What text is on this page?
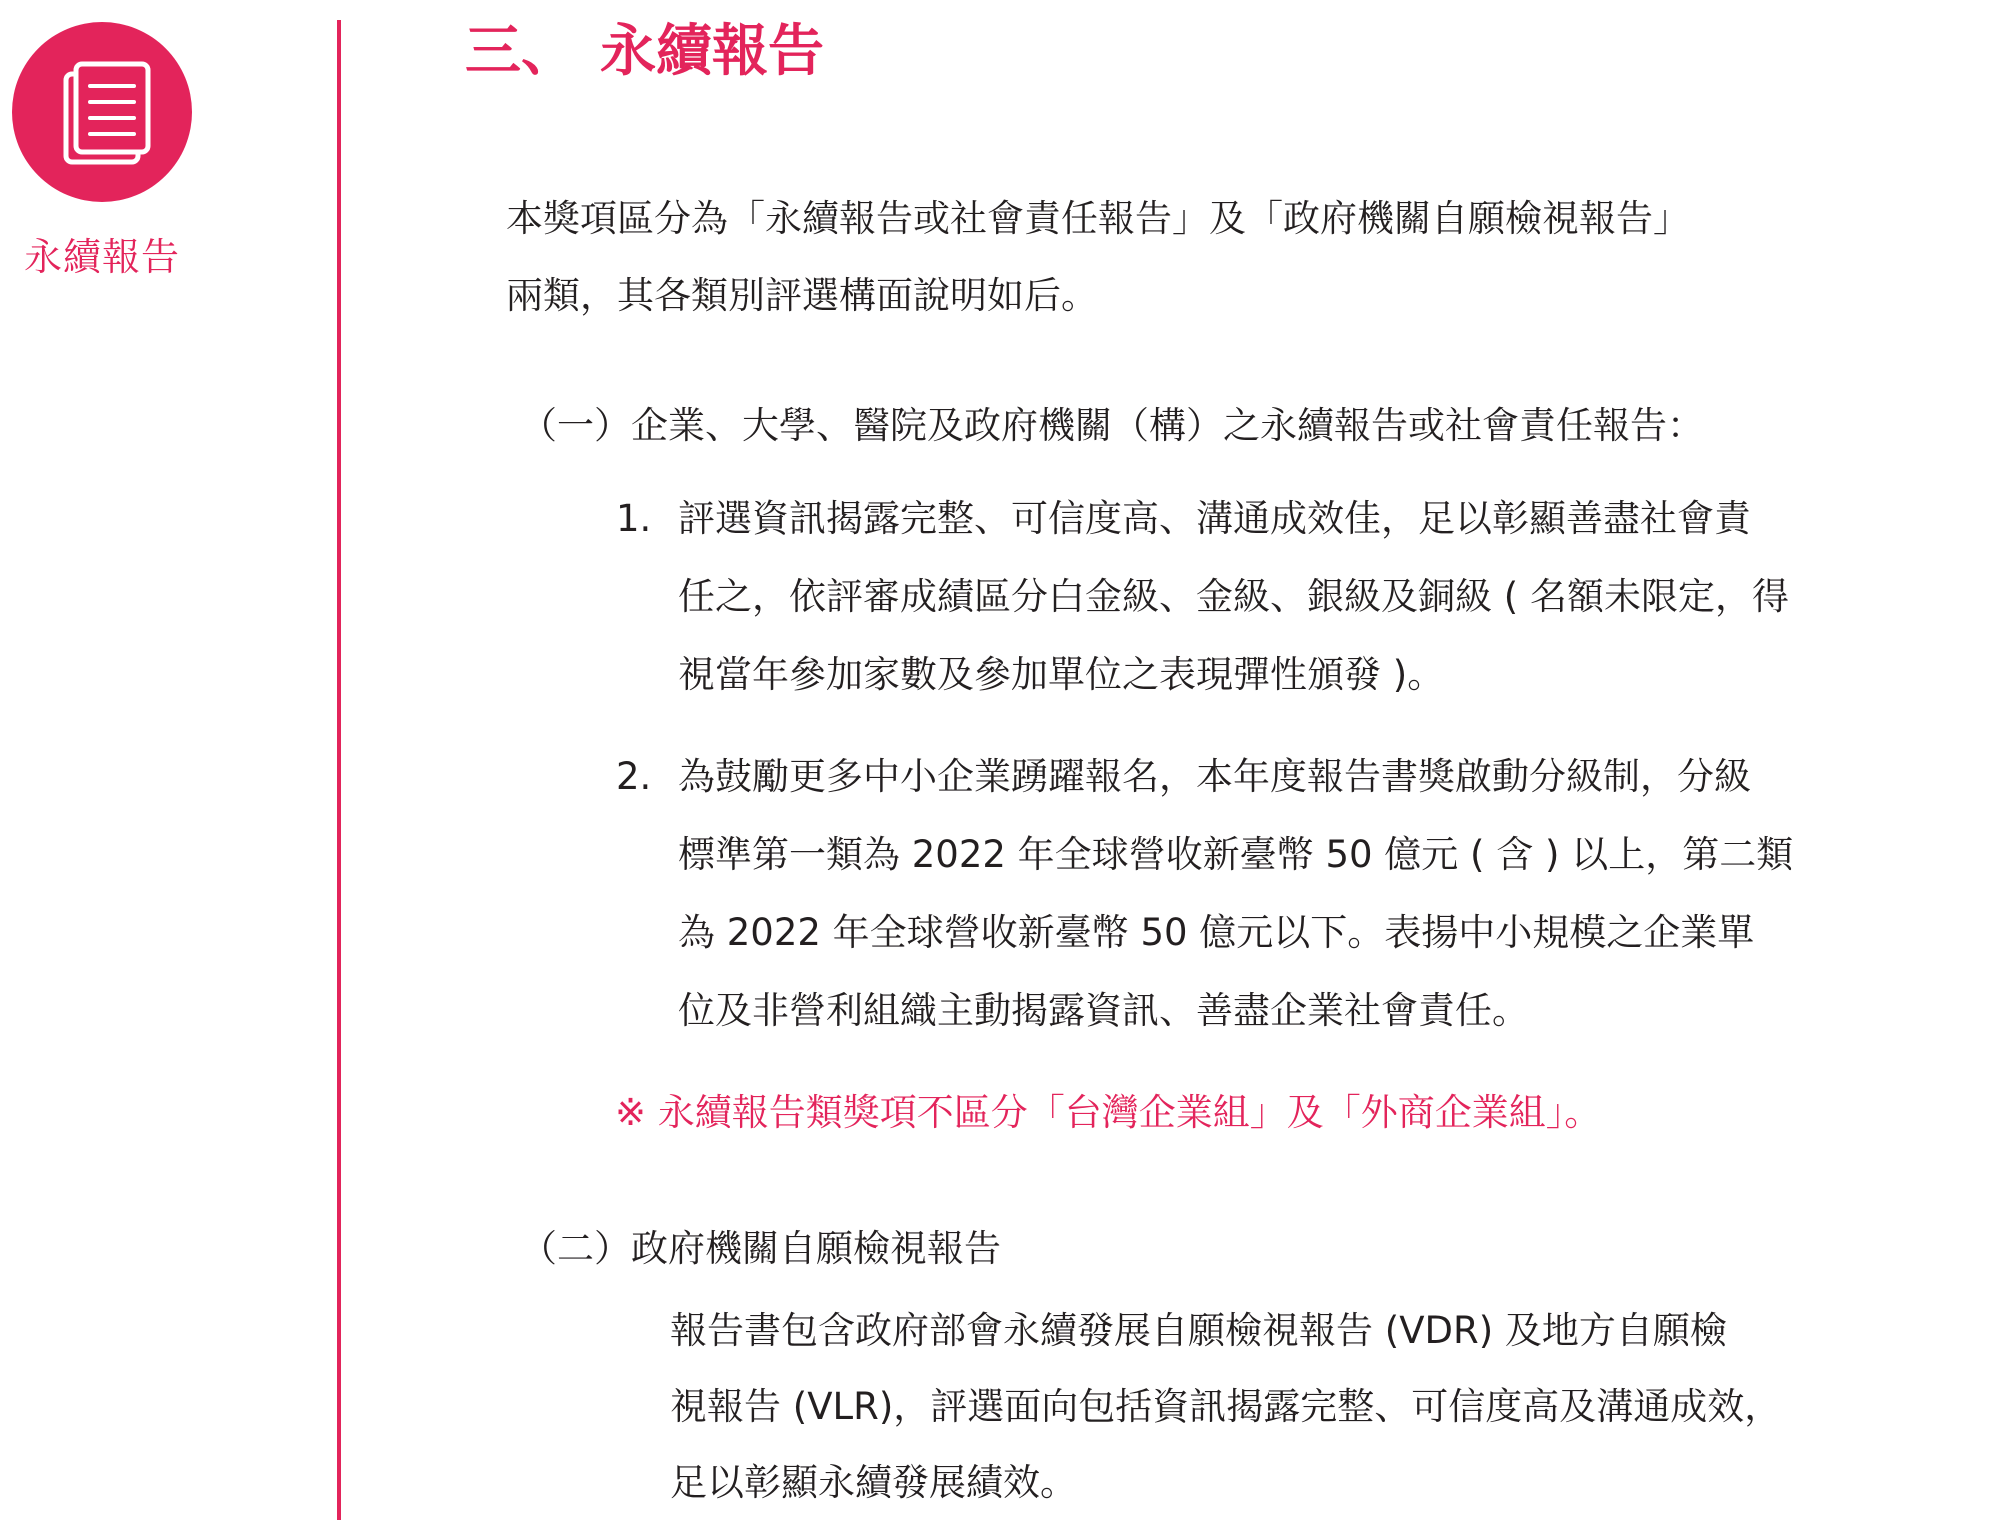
永續報告
三、 永續報告
本獎項區分為「永續報告或社會責任報告」及「政府機關自願檢視報告」
兩類，其各類別評選構面說明如后。
（一）企業、大學、醫院及政府機關（構）之永續報告或社會責任報告：
1. 評選資訊揭露完整、可信度高、溝通成效佳，足以彰顯善盡社會責
任之，依評審成績區分白金級、金級、銀級及銅級 ( 名額未限定，得
視當年參加家數及參加單位之表現彈性頒發 )。
2. 為鼓勵更多中小企業踴躍報名，本年度報告書獎啟動分級制，分級
標準第一類為 2022 年全球營收新臺幣 50 億元 ( 含 ) 以上，第二類
為 2022 年全球營收新臺幣 50 億元以下。表揚中小規模之企業單
位及非營利組織主動揭露資訊、善盡企業社會責任。
※ 永續報告類獎項不區分「台灣企業組」及「外商企業組」。
（二）政府機關自願檢視報告
報告書包含政府部會永續發展自願檢視報告 (VDR) 及地方自願檢
視報告 (VLR)，評選面向包括資訊揭露完整、可信度高及溝通成效，
足以彰顯永續發展績效。
